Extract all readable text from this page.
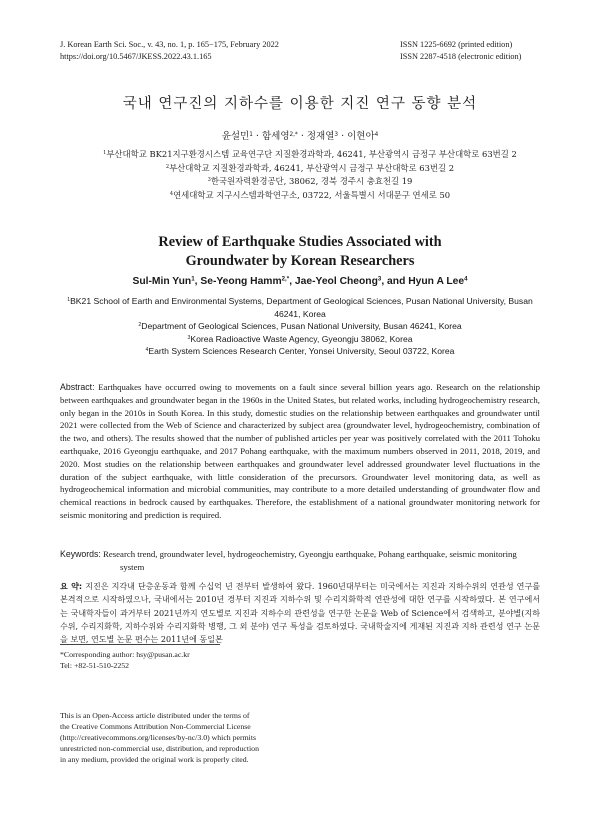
J. Korean Earth Sci. Soc., v. 43, no. 1, p. 165−175, February 2022
https://doi.org/10.5467/JKESS.2022.43.1.165
ISSN 1225-6692 (printed edition)
ISSN 2287-4518 (electronic edition)
국내 연구진의 지하수를 이용한 지진 연구 동향 분석
윤설민$^1$ · 함세영$^{2,*}$ · 정재열$^3$ · 이현아$^4$
$^1$부산대학교 BK21지구환경시스템 교육연구단 지질환경과학과, 46241, 부산광역시 금정구 부산대학로 63번길 2
$^2$부산대학교 지질환경과학과, 46241, 부산광역시 금정구 부산대학로 63번길 2
$^3$한국원자력환경공단, 38062, 경북 경주시 충효천길 19
$^4$연세대학교 지구시스템과학연구소, 03722, 서울특별시 서대문구 연세로 50
Review of Earthquake Studies Associated with
Groundwater by Korean Researchers
Sul-Min Yun$^1$, Se-Yeong Hamm$^{2,*}$, Jae-Yeol Cheong$^3$, and Hyun A Lee$^4$
$^1$BK21 School of Earth and Environmental Systems, Department of Geological Sciences, Pusan National University, Busan 46241, Korea
$^2$Department of Geological Sciences, Pusan National University, Busan 46241, Korea
$^3$Korea Radioactive Waste Agency, Gyeongju 38062, Korea
$^4$Earth System Sciences Research Center, Yonsei University, Seoul 03722, Korea
Abstract: Earthquakes have occurred owing to movements on a fault since several billion years ago. Research on the relationship between earthquakes and groundwater began in the 1960s in the United States, but related works, including hydrogeochemistry research, only began in the 2010s in South Korea. In this study, domestic studies on the relationship between earthquakes and groundwater until 2021 were collected from the Web of Science and characterized by subject area (groundwater level, hydrogeochemistry, combination of the two, and others). The results showed that the number of published articles per year was positively correlated with the 2011 Tohoku earthquake, 2016 Gyeongju earthquake, and 2017 Pohang earthquake, with the maximum numbers observed in 2011, 2018, 2019, and 2020. Most studies on the relationship between earthquakes and groundwater level addressed groundwater level fluctuations in the duration of the subject earthquake, with little consideration of the precursors. Groundwater level monitoring data, as well as hydrogeochemical information and microbial communities, may contribute to a more detailed understanding of groundwater flow and chemical reactions in bedrock caused by earthquakes. Therefore, the establishment of a national groundwater monitoring network for seismic monitoring and prediction is required.
Keywords: Research trend, groundwater level, hydrogeochemistry, Gyeongju earthquake, Pohang earthquake, seismic monitoring system
요 약: 지진은 지각내 단층운동과 함께 수십억 년 전부터 발생하여 왔다. 1960년대부터는 미국에서는 지진과 지하수위의 연관성 연구를 본격적으로 시작하였으나, 국내에서는 2010년 경부터 지진과 지하수위 및 수리지화학적 연관성에 대한 연구를 시작하였다. 본 연구에서는 국내학자들이 과거부터 2021년까지 연도별로 지진과 지하수의 관련성을 연구한 논문을 Web of Science에서 검색하고, 분야별(지하수위, 수리지화학, 지하수위와 수리지화학 병행, 그 외 분야) 연구 특성을 검토하였다. 국내학술지에 게재된 지진과 지하 관련성 연구 논문을 보면, 연도별 논문 편수는 2011년에 동일본
*Corresponding author: hsy@pusan.ac.kr
Tel: +82-51-510-2252
This is an Open-Access article distributed under the terms of the Creative Commons Attribution Non-Commercial License (http://creativecommons.org/licenses/by-nc/3.0) which permits unrestricted non-commercial use, distribution, and reproduction in any medium, provided the original work is properly cited.
